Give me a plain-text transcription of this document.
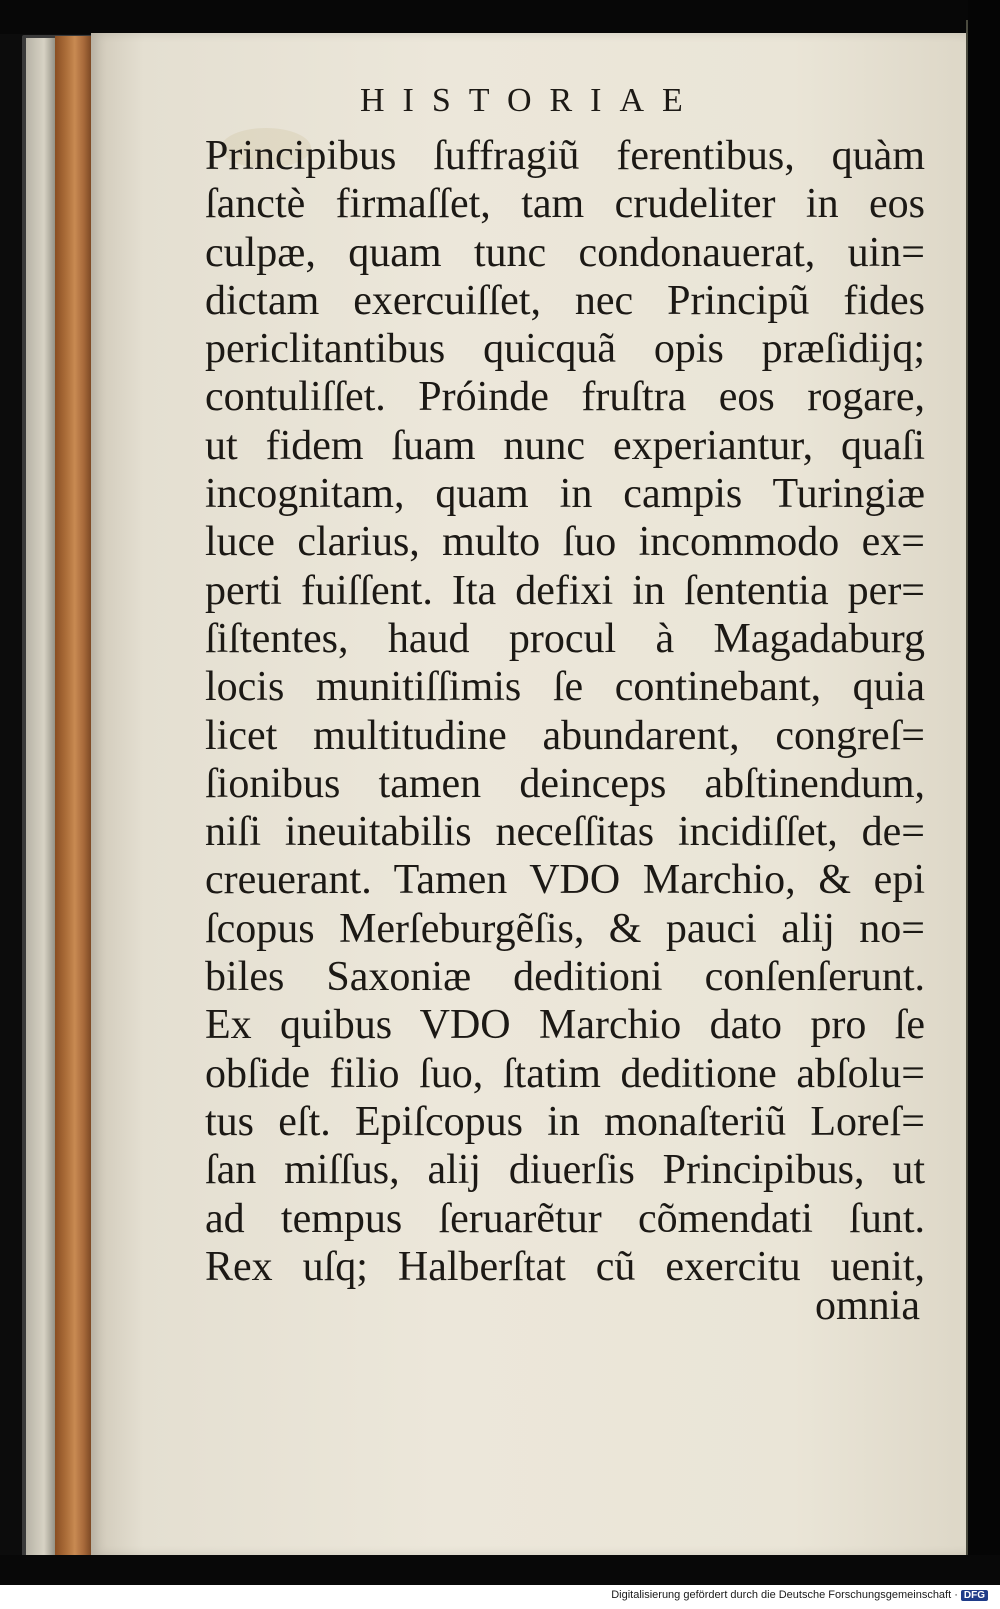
HISTORIAE
Principibus ſuffragiũ ferentibus, quàm
ſanctè firmaſſet, tam crudeliter in eos
culpæ, quam tunc condonauerat, uin=
dictam exercuiſſet, nec Principũ fides
periclitantibus quicquã opis præſidijq;
contuliſſet. Próinde fruſtra eos rogare,
ut fidem ſuam nunc experiantur, quaſi
incognitam, quam in campis Turingiæ
luce clarius, multo ſuo incommodo ex=
perti fuiſſent. Ita defixi in ſententia per=
ſiſtentes, haud procul à Magadaburg
locis munitiſſimis ſe continebant, quia
licet multitudine abundarent, congreſ=
ſionibus tamen deinceps abſtinendum,
niſi ineuitabilis neceſſitas incidiſſet, de=
creuerant. Tamen VDO Marchio, & epi
ſcopus Merſeburgẽſis, & pauci alij no=
biles Saxoniæ deditioni conſenſerunt.
Ex quibus VDO Marchio dato pro ſe
obſide filio ſuo, ſtatim deditione abſolu=
tus eſt. Epiſcopus in monaſteriũ Loreſ=
ſan miſſus, alij diuerſis Principibus, ut
ad tempus ſeruarẽtur cõmendati ſunt.
Rex uſq; Halberſtat cũ exercitu uenit,
omnia
Digitalisierung gefördert durch die Deutsche Forschungsgemeinschaft · DFG
